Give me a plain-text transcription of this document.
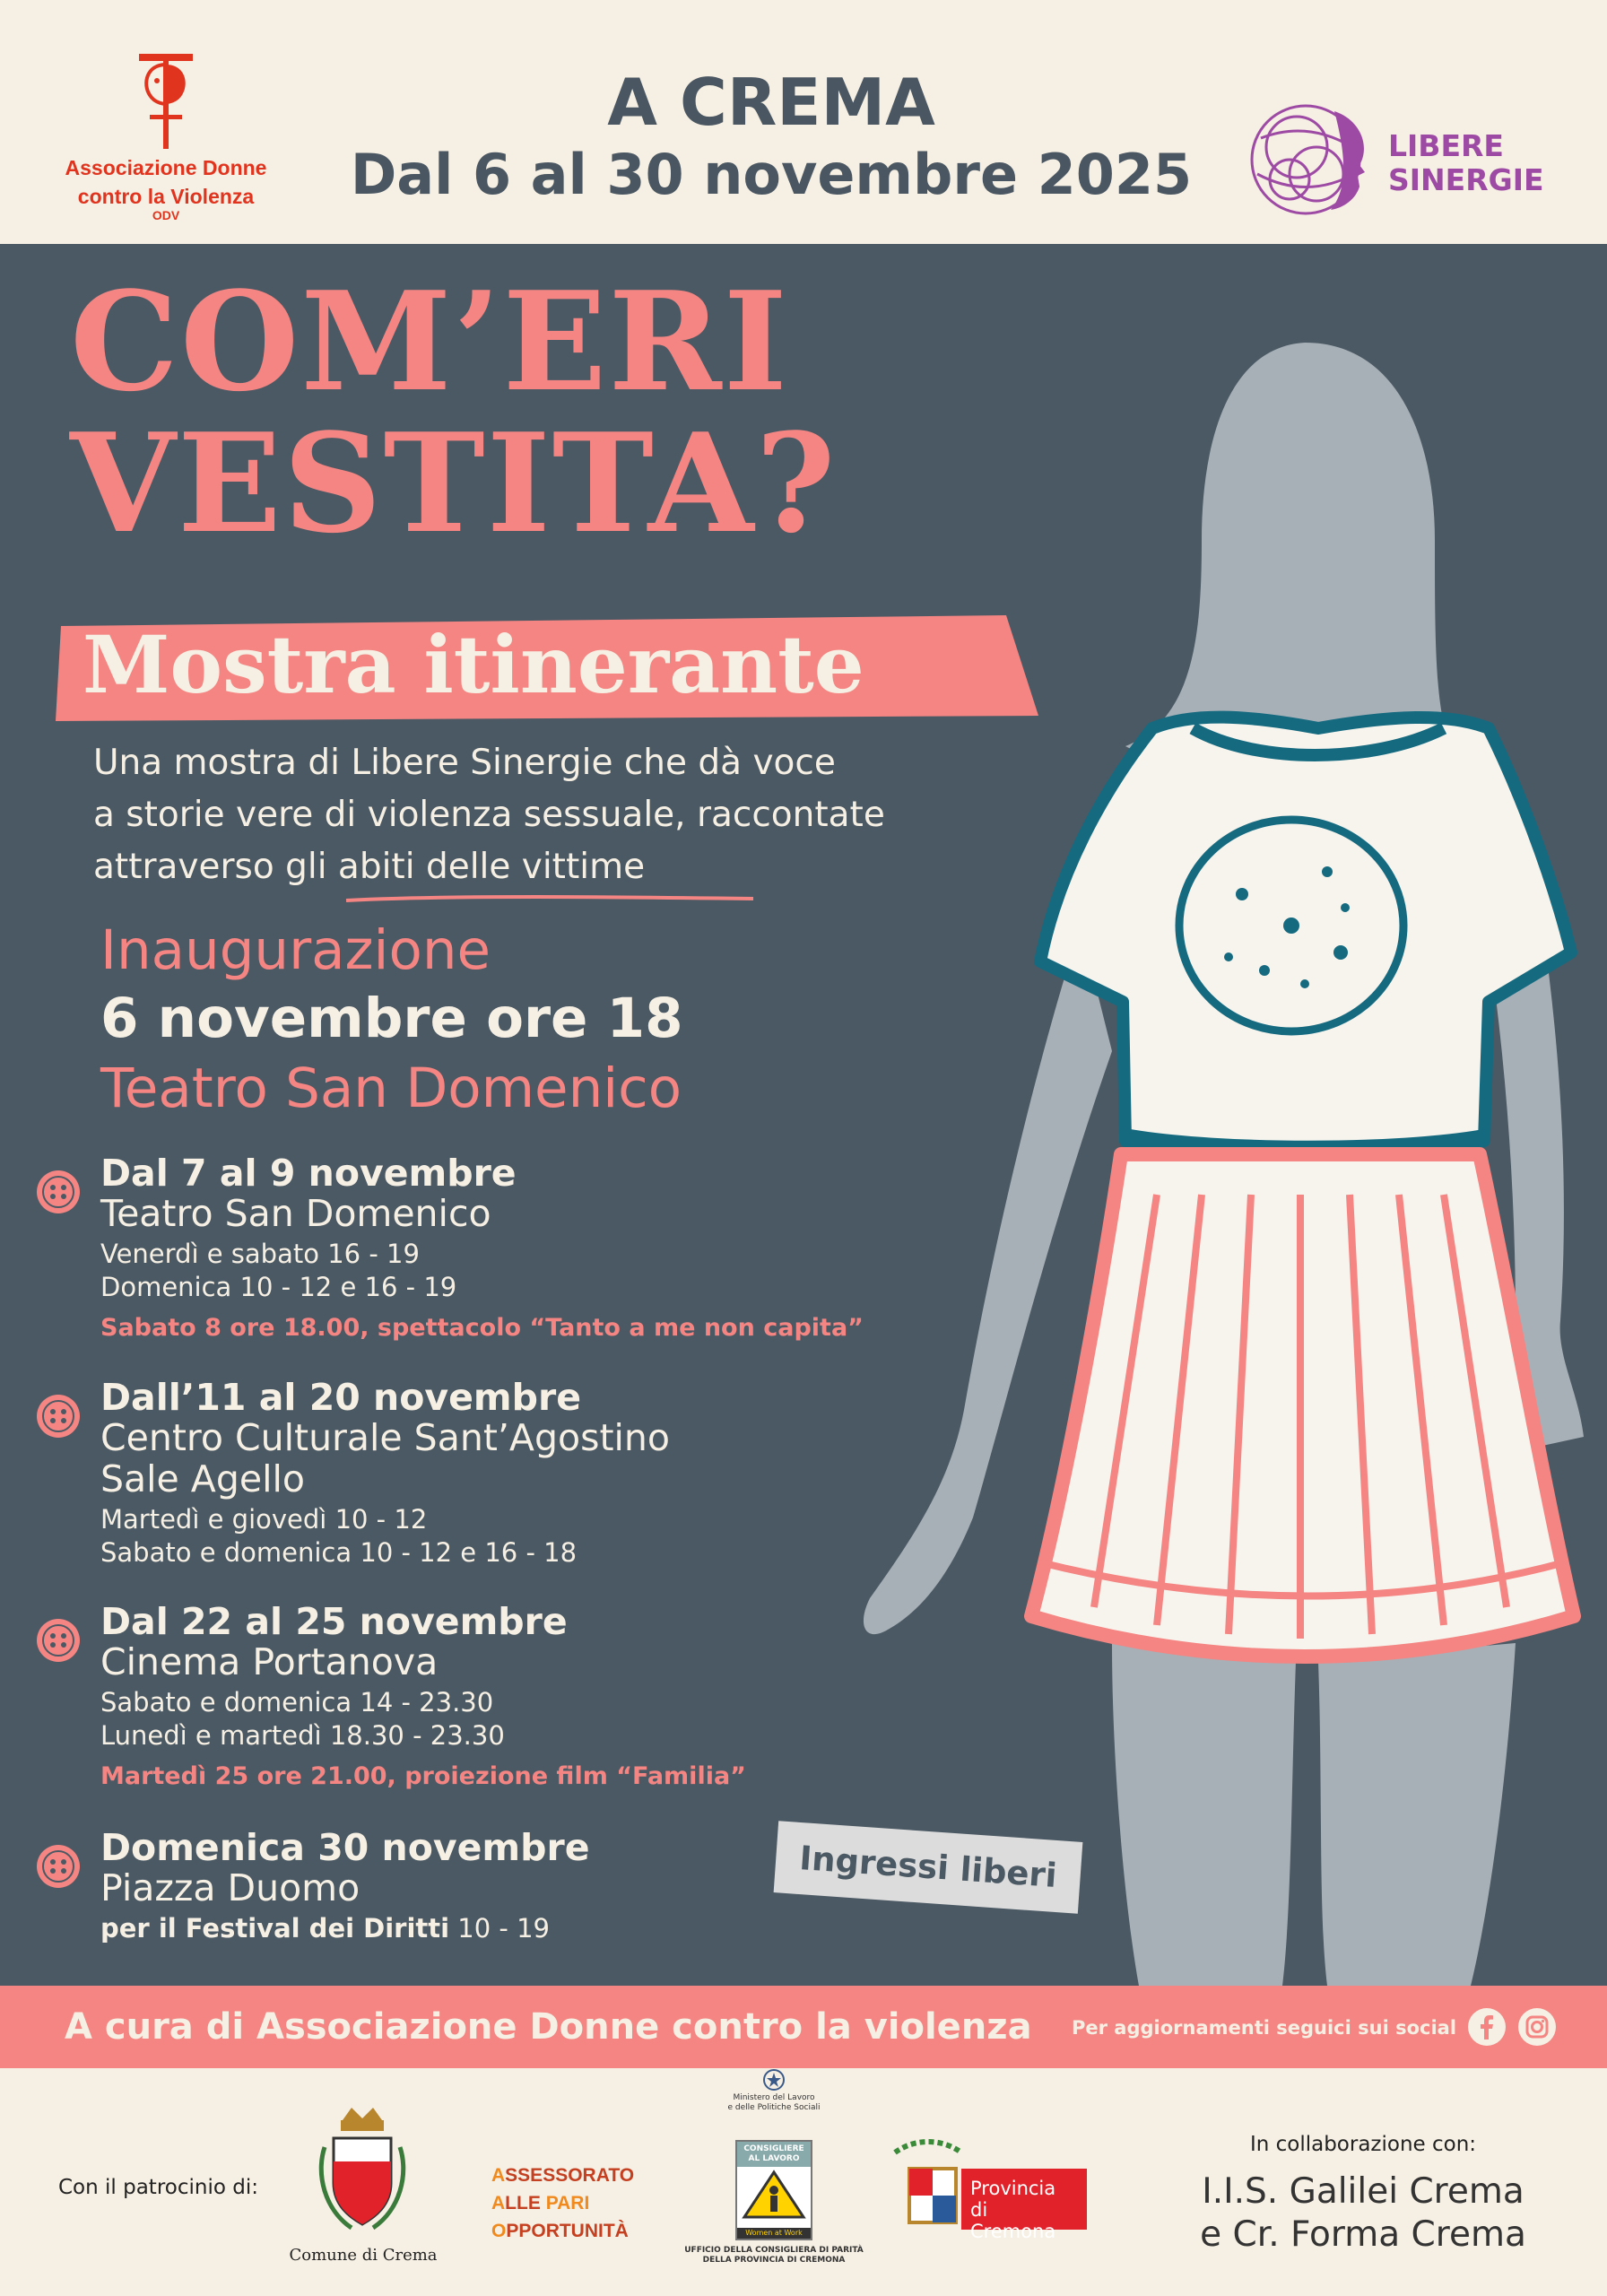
Associazione Donne
contro la Violenza
ODV
A CREMA
Dal 6 al 30 novembre 2025	LIBERE
SINERGIE
COM’ERI
VESTITA?
Mostra itinerante
Una mostra di Libere Sinergie che dà voce
a storie vere di violenza sessuale, raccontate
attraverso gli abiti delle vittime
Inaugurazione
6 novembre ore 18
Teatro San Domenico
Dal 7 al 9 novembre
Teatro San Domenico
Venerdì e sabato 16 - 19
Domenica 10 - 12 e 16 - 19
Sabato 8 ore 18.00, spettacolo “Tanto a me non capita”
Dall’11 al 20 novembre
Centro Culturale Sant’Agostino
Sale Agello
Martedì e giovedì 10 - 12
Sabato e domenica 10 - 12 e 16 - 18
Dal 22 al 25 novembre
Cinema Portanova
Sabato e domenica 14 - 23.30
Lunedì e martedì 18.30 - 23.30
Martedì 25 ore 21.00, proiezione film “Familia”
Domenica 30 novembre
Piazza Duomo
per il Festival dei Diritti 10 - 19
Ingressi liberi
A cura di Associazione Donne contro la violenza Per aggiornamenti seguici sui social
Con il patrocinio di:
Comune di Crema
ASSESSORATO
ALLE PARI
OPPORTUNITÀ
Ministero del Lavoro
e delle Politiche Sociali
CONSIGLIERE
AL LAVORO
Women at Work
UFFICIO DELLA CONSIGLIERA DI PARITÀ
DELLA PROVINCIA DI CREMONA
Provincia
di Cremona
In collaborazione con:
I.I.S. Galilei Crema
e Cr. Forma Crema
